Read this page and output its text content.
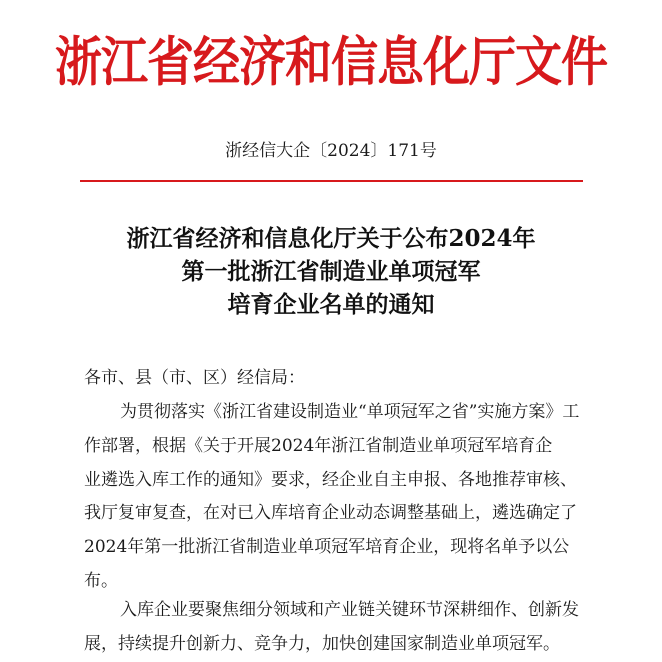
浙江省经济和信息化厅文件
浙经信大企〔2024〕171号
浙江省经济和信息化厅关于公布2024年
第一批浙江省制造业单项冠军
培育企业名单的通知
各市、县（市、区）经信局：
为贯彻落实《浙江省建设制造业“单项冠军之省”实施方案》工
作部署，根据《关于开展2024年浙江省制造业单项冠军培育企
业遴选入库工作的通知》要求，经企业自主申报、各地推荐审核、
我厅复审复查，在对已入库培育企业动态调整基础上，遴选确定了
2024年第一批浙江省制造业单项冠军培育企业，现将名单予以公
布。
入库企业要聚焦细分领域和产业链关键环节深耕细作、创新发
展，持续提升创新力、竞争力，加快创建国家制造业单项冠军。
